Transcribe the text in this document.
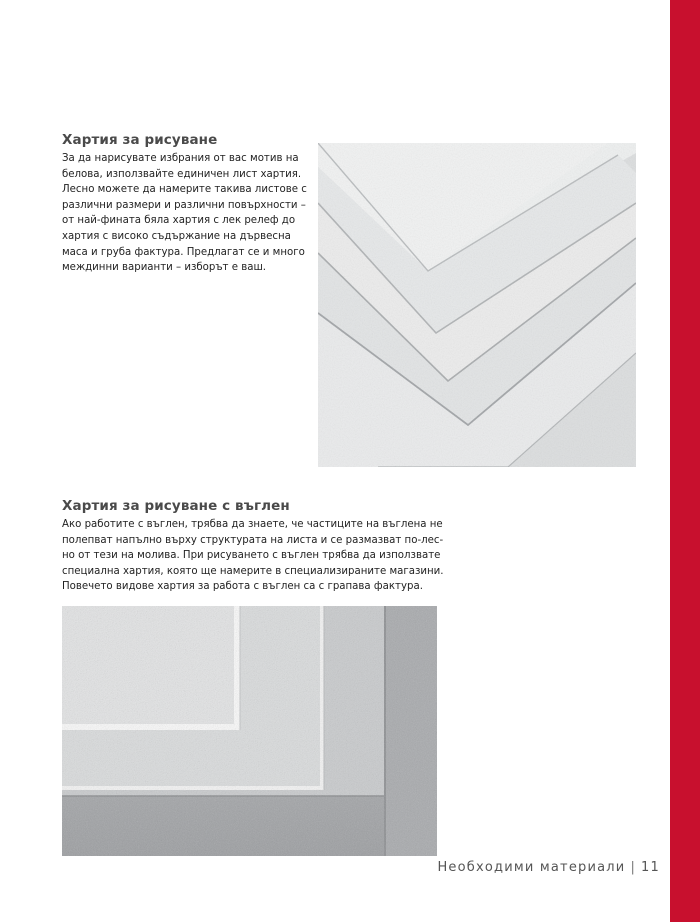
Хартия за рисуване
За да нарисувате избрания от вас мотив на
белова, използвайте единичен лист хартия.
Лесно можете да намерите такива листове с
различни размери и различни повърхности –
от най-фината бяла хартия с лек релеф до
хартия с високо съдържание на дървесна
маса и груба фактура. Предлагат се и много
междинни варианти – изборът е ваш.
Хартия за рисуване с въглен
Ако работите с въглен, трябва да знаете, че частиците на въглена не
полепват напълно върху структурата на листа и се размазват по-лес-
но от тези на молива. При рисуването с въглен трябва да използвате
специална хартия, която ще намерите в специализираните магазини.
Повечето видове хартия за работа с въглен са с грапава фактура.
Необходими материали | 11
